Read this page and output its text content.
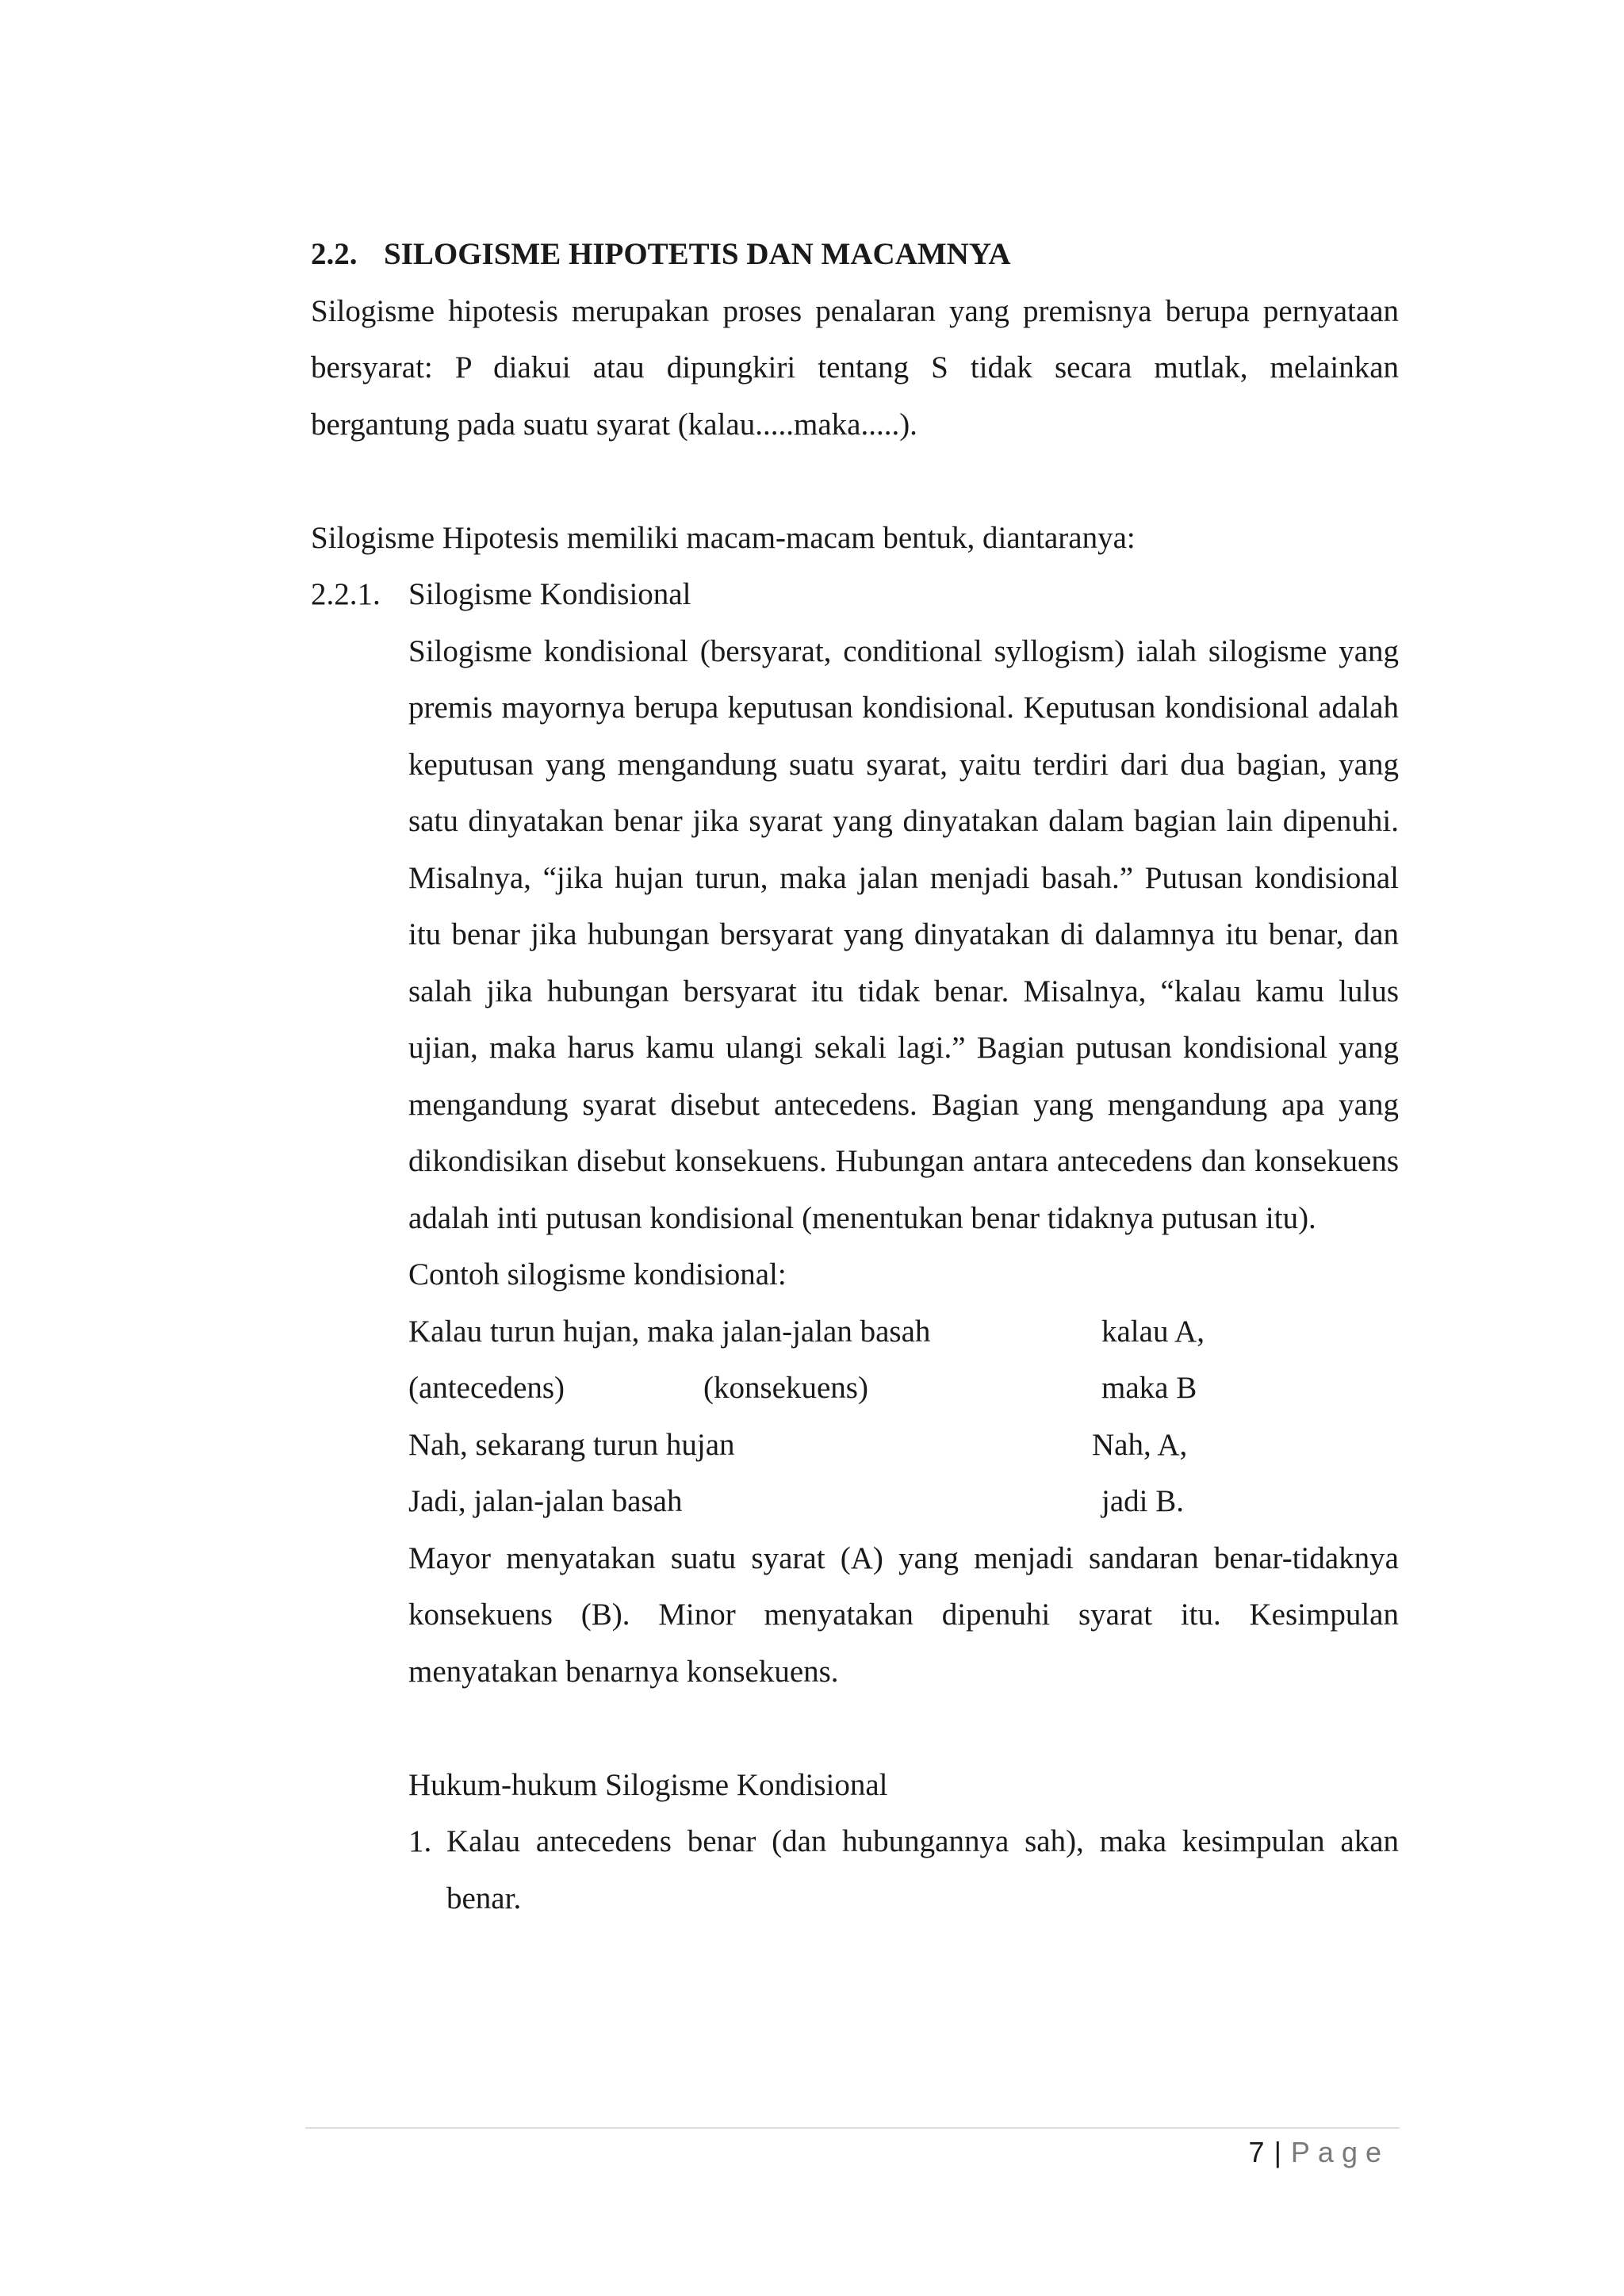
2.2. SILOGISME HIPOTETIS DAN MACAMNYA

Silogisme hipotesis merupakan proses penalaran yang premisnya berupa pernyataan bersyarat: P diakui atau dipungkiri tentang S tidak secara mutlak, melainkan bergantung pada suatu syarat (kalau.....maka.....).

Silogisme Hipotesis memiliki macam-macam bentuk, diantaranya:

2.2.1. Silogisme Kondisional

Silogisme kondisional (bersyarat, conditional syllogism) ialah silogisme yang premis mayornya berupa keputusan kondisional. Keputusan kondisional adalah keputusan yang mengandung suatu syarat, yaitu terdiri dari dua bagian, yang satu dinyatakan benar jika syarat yang dinyatakan dalam bagian lain dipenuhi. Misalnya, “jika hujan turun, maka jalan menjadi basah.” Putusan kondisional itu benar jika hubungan bersyarat yang dinyatakan di dalamnya itu benar, dan salah jika hubungan bersyarat itu tidak benar. Misalnya, “kalau kamu lulus ujian, maka harus kamu ulangi sekali lagi.” Bagian putusan kondisional yang mengandung syarat disebut antecedens. Bagian yang mengandung apa yang dikondisikan disebut konsekuens. Hubungan antara antecedens dan konsekuens adalah inti putusan kondisional (menentukan benar tidaknya putusan itu).

Contoh silogisme kondisional:

Kalau turun hujan, maka jalan-jalan basah	kalau A,
(antecedens)	(konsekuens)	maka B
Nah, sekarang turun hujan	Nah, A,
Jadi, jalan-jalan basah	jadi B.

Mayor menyatakan suatu syarat (A) yang menjadi sandaran benar-tidaknya konsekuens (B). Minor menyatakan dipenuhi syarat itu. Kesimpulan menyatakan benarnya konsekuens.

Hukum-hukum Silogisme Kondisional

1. Kalau antecedens benar (dan hubungannya sah), maka kesimpulan akan benar.
7 | Page
